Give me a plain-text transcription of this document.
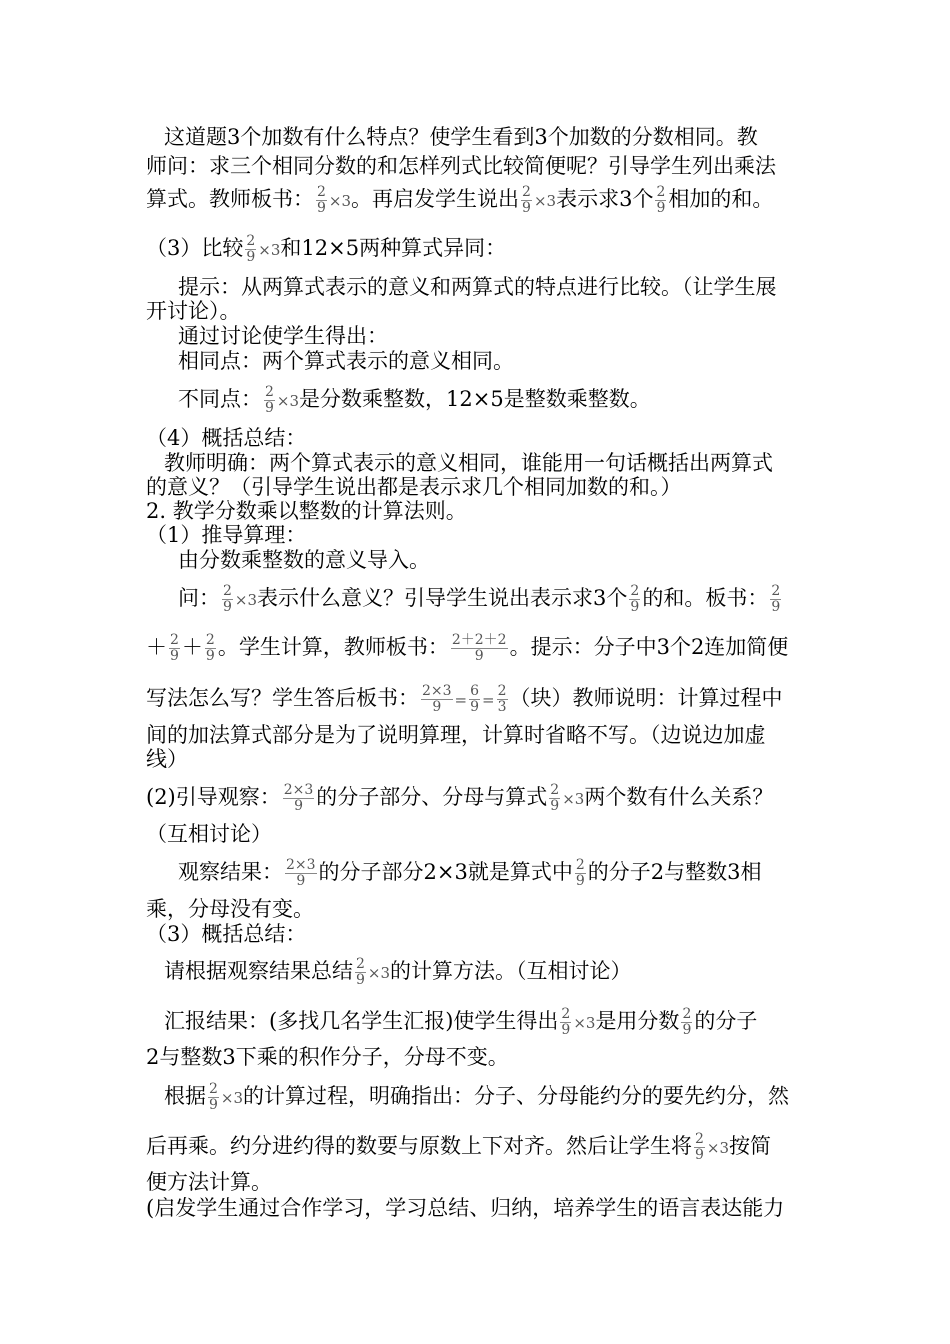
这道题3个加数有什么特点？使学生看到3个加数的分数相同。教
师问：求三个相同分数的和怎样列式比较简便呢？引导学生列出乘法
算式。教师板书： $\frac{2}{9} \times 3$。再启发学生说出 $\frac{2}{9} \times 3$表示求3个 $\frac{2}{9}$ 相加的和。
（3）比较 $\frac{2}{9} \times 3$和12×5两种算式异同：
提示：从两算式表示的意义和两算式的特点进行比较。（让学生展
开讨论）。
通过讨论使学生得出：
相同点：两个算式表示的意义相同。
不同点： $\frac{2}{9} \times 3$是分数乘整数，12×5是整数乘整数。
（4）概括总结：
教师明确：两个算式表示的意义相同，谁能用一句话概括出两算式
的意义？（引导学生说出都是表示求几个相同加数的和。）
2. 教学分数乘以整数的计算法则。
（1）推导算理：
由分数乘整数的意义导入。
问： $\frac{2}{9} \times 3$表示什么意义？引导学生说出表示求3个 $\frac{2}{9}$ 的和。板书： $\frac{2}{9}$
＋ $\frac{2}{9} + \frac{2}{9}$ 。学生计算，教师板书： $\frac{2+2+2}{9}$ 。提示：分子中3个2连加简便
写法怎么写？学生答后板书： $\frac{2\times 3}{9} = \frac{6}{9} = \frac{2}{3}$ （块）教师说明：计算过程中
间的加法算式部分是为了说明算理，计算时省略不写。（边说边加虚
线）
(2)引导观察： $\frac{2\times 3}{9}$ 的分子部分、分母与算式 $\frac{2}{9} \times 3$两个数有什么关系？
（互相讨论）
观察结果： $\frac{2\times 3}{9}$ 的分子部分2×3就是算式中 $\frac{2}{9}$ 的分子2与整数3相
乘，分母没有变。
（3）概括总结：
请根据观察结果总结 $\frac{2}{9} \times 3$的计算方法。（互相讨论）
汇报结果：(多找几名学生汇报)使学生得出 $\frac{2}{9} \times 3$是用分数 $\frac{2}{9}$ 的分子
2与整数3下乘的积作分子，分母不变。
根据 $\frac{2}{9} \times 3$的计算过程，明确指出：分子、分母能约分的要先约分，然
后再乘。约分进约得的数要与原数上下对齐。然后让学生将 $\frac{2}{9} \times 3$按简
便方法计算。
(启发学生通过合作学习，学习总结、归纳，培养学生的语言表达能力
